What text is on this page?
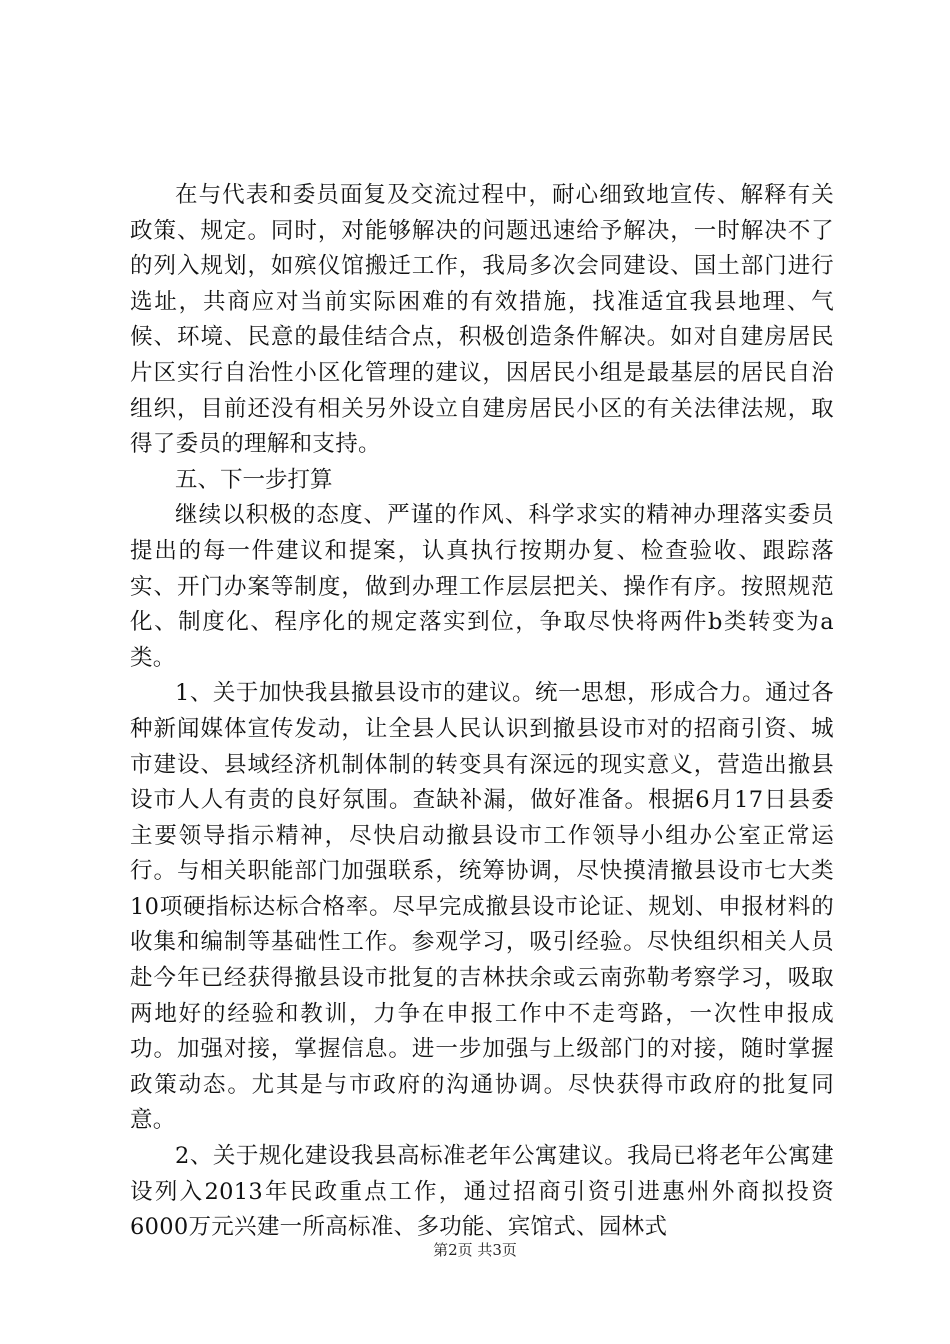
在与代表和委员面复及交流过程中，耐心细致地宣传、解释有关政策、规定。同时，对能够解决的问题迅速给予解决，一时解决不了的列入规划，如殡仪馆搬迁工作，我局多次会同建设、国土部门进行选址，共商应对当前实际困难的有效措施，找准适宜我县地理、气候、环境、民意的最佳结合点，积极创造条件解决。如对自建房居民片区实行自治性小区化管理的建议，因居民小组是最基层的居民自治组织，目前还没有相关另外设立自建房居民小区的有关法律法规，取得了委员的理解和支持。

五、下一步打算

继续以积极的态度、严谨的作风、科学求实的精神办理落实委员提出的每一件建议和提案，认真执行按期办复、检查验收、跟踪落实、开门办案等制度，做到办理工作层层把关、操作有序。按照规范化、制度化、程序化的规定落实到位，争取尽快将两件b类转变为a类。

1、关于加快我县撤县设市的建议。统一思想，形成合力。通过各种新闻媒体宣传发动，让全县人民认识到撤县设市对的招商引资、城市建设、县域经济机制体制的转变具有深远的现实意义，营造出撤县设市人人有责的良好氛围。查缺补漏，做好准备。根据6月17日县委主要领导指示精神，尽快启动撤县设市工作领导小组办公室正常运行。与相关职能部门加强联系，统筹协调，尽快摸清撤县设市七大类10项硬指标达标合格率。尽早完成撤县设市论证、规划、申报材料的收集和编制等基础性工作。参观学习，吸引经验。尽快组织相关人员赴今年已经获得撤县设市批复的吉林扶余或云南弥勒考察学习，吸取两地好的经验和教训，力争在申报工作中不走弯路，一次性申报成功。加强对接，掌握信息。进一步加强与上级部门的对接，随时掌握政策动态。尤其是与市政府的沟通协调。尽快获得市政府的批复同意。

2、关于规化建设我县高标准老年公寓建议。我局已将老年公寓建设列入2013年民政重点工作，通过招商引资引进惠州外商拟投资6000万元兴建一所高标准、多功能、宾馆式、园林式

第2页 共3页
